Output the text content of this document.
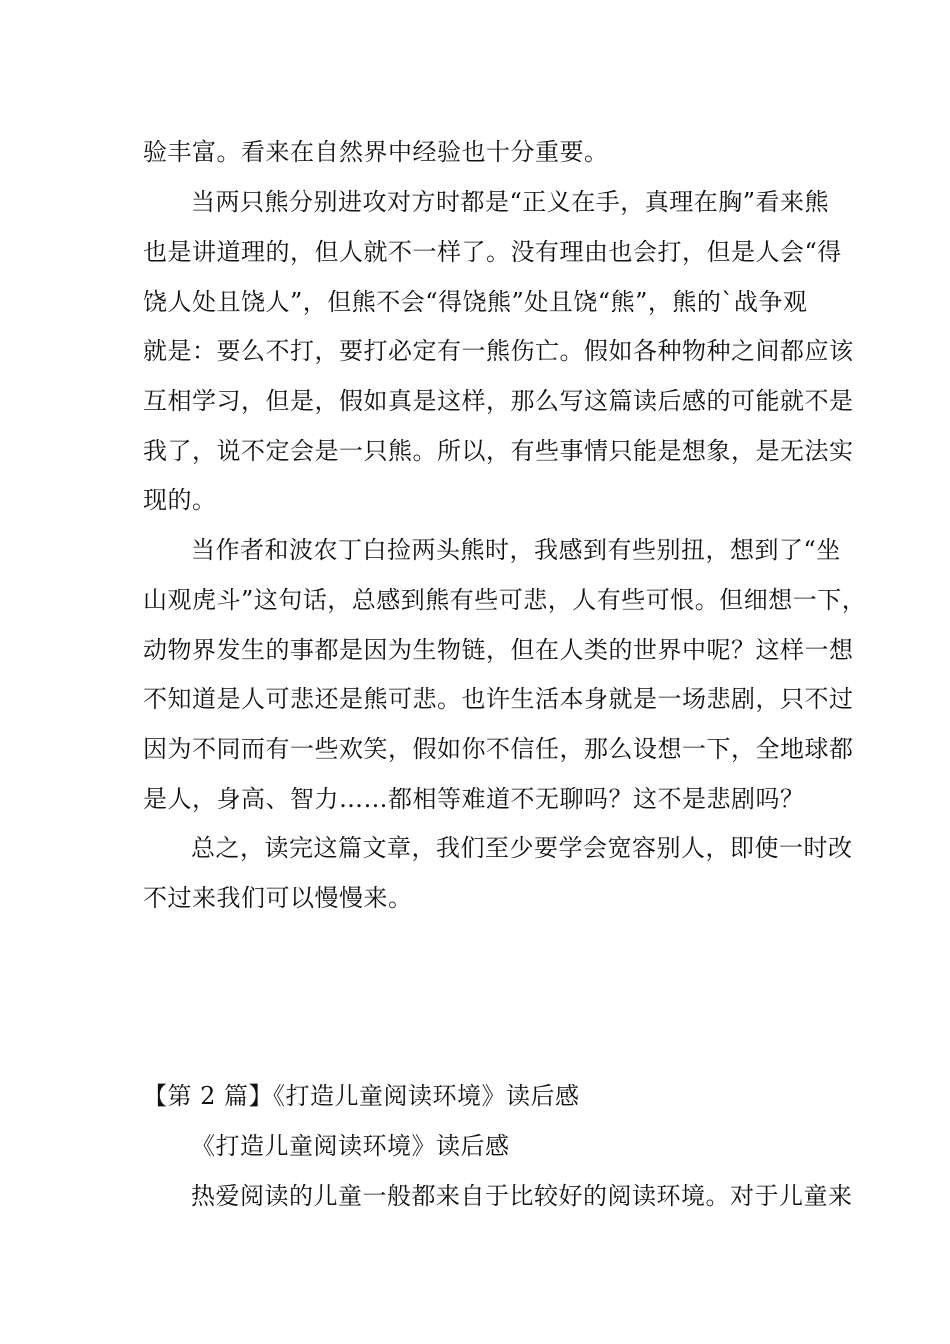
验丰富。看来在自然界中经验也十分重要。
当两只熊分别进攻对方时都是“正义在手，真理在胸”看来熊
也是讲道理的，但人就不一样了。没有理由也会打，但是人会“得
饶人处且饶人”，但熊不会“得饶熊”处且饶“熊”，熊的`战争观
就是：要么不打，要打必定有一熊伤亡。假如各种物种之间都应该
互相学习，但是，假如真是这样，那么写这篇读后感的可能就不是
我了，说不定会是一只熊。所以，有些事情只能是想象，是无法实
现的。
当作者和波农丁白捡两头熊时，我感到有些别扭，想到了“坐
山观虎斗”这句话，总感到熊有些可悲，人有些可恨。但细想一下，
动物界发生的事都是因为生物链，但在人类的世界中呢？这样一想
不知道是人可悲还是熊可悲。也许生活本身就是一场悲剧，只不过
因为不同而有一些欢笑，假如你不信任，那么设想一下，全地球都
是人，身高、智力……都相等难道不无聊吗？这不是悲剧吗？
总之，读完这篇文章，我们至少要学会宽容别人，即使一时改
不过来我们可以慢慢来。
【第 2 篇】《打造儿童阅读环境》读后感
《打造儿童阅读环境》读后感
热爱阅读的儿童一般都来自于比较好的阅读环境。对于儿童来
